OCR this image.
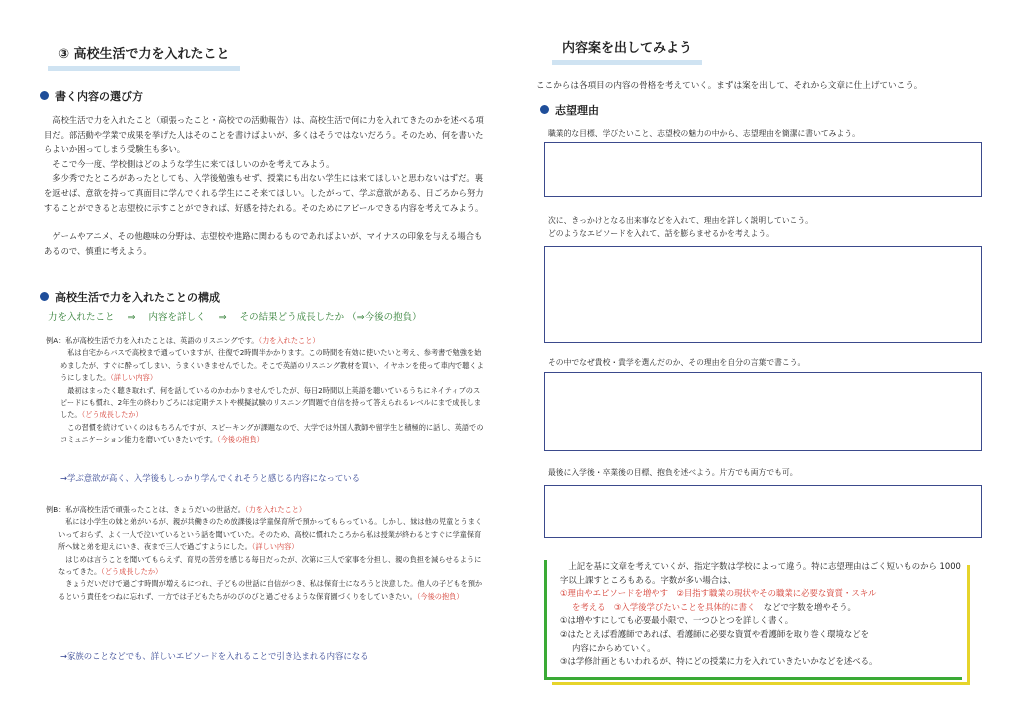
③ 高校生活で力を入れたこと
書く内容の選び方

高校生活で力を入れたこと（頑張ったこと・高校での活動報告）は、高校生活で何に力を入れてきたのかを述べる項目だ。部活動や学業で成果を挙げた人はそのことを書けばよいが、多くはそうではないだろう。そのため、何を書いたらよいか困ってしまう受験生も多い。

そこで今一度、学校側はどのような学生に来てほしいのかを考えてみよう。

多少秀でたところがあったとしても、入学後勉強もせず、授業にも出ない学生には来てほしいと思わないはずだ。裏を返せば、意欲を持って真面目に学んでくれる学生にこそ来てほしい。したがって、学ぶ意欲がある、日ごろから努力することができると志望校に示すことができれば、好感を持たれる。そのためにアピールできる内容を考えてみよう。

ゲームやアニメ、その他趣味の分野は、志望校や進路に関わるものであればよいが、マイナスの印象を与える場合もあるので、慎重に考えよう。

高校生活で力を入れたことの構成
力を入れたこと ⇒ 内容を詳しく ⇒ その結果どう成長したか （⇒今後の抱負）

例A：私が高校生活で力を入れたことは、英語のリスニングです。（力を入れたこと）

私は自宅からバスで高校まで通っていますが、往復で2時間半かかります。この時間を有効に使いたいと考え、参考書で勉強を始めましたが、すぐに酔ってしまい、うまくいきませんでした。そこで英語のリスニング教材を買い、イヤホンを使って車内で聴くようにしました。（詳しい内容）

最初はまったく聴き取れず、何を話しているのかわかりませんでしたが、毎日2時間以上英語を聴いているうちにネイティブのスピードにも慣れ、2年生の終わりごろには定期テストや模擬試験のリスニング問題で自信を持って答えられるレベルにまで成長しました。（どう成長したか）

この習慣を続けていくのはもちろんですが、スピーキングが課題なので、大学では外国人教師や留学生と積極的に話し、英語でのコミュニケーション能力を磨いていきたいです。（今後の抱負）

→学ぶ意欲が高く、入学後もしっかり学んでくれそうと感じる内容になっている

例B：私が高校生活で頑張ったことは、きょうだいの世話だ。（力を入れたこと）

私には小学生の妹と弟がいるが、親が共働きのため放課後は学童保育所で預かってもらっている。しかし、妹は他の児童とうまくいっておらず、よく一人で泣いているという話を聞いていた。そのため、高校に慣れたころから私は授業が終わるとすぐに学童保育所へ妹と弟を迎えにいき、夜まで三人で過ごすようにした。（詳しい内容）

はじめは言うことを聞いてもらえず、育児の苦労を感じる毎日だったが、次第に三人で家事を分担し、親の負担を減らせるようになってきた。（どう成長したか）

きょうだいだけで過ごす時間が増えるにつれ、子どもの世話に自信がつき、私は保育士になろうと決意した。他人の子どもを預かるという責任をつねに忘れず、一方では子どもたちがのびのびと過ごせるような保育園づくりをしていきたい。（今後の抱負）

→家族のことなどでも、詳しいエピソードを入れることで引き込まれる内容になる
内容案を出してみよう
ここからは各項目の内容の骨格を考えていく。まずは案を出して、それから文章に仕上げていこう。
志望理由
職業的な目標、学びたいこと、志望校の魅力の中から、志望理由を簡潔に書いてみよう。
次に、きっかけとなる出来事などを入れて、理由を詳しく説明していこう。
どのようなエピソードを入れて、話を膨らませるかを考えよう。
その中でなぜ貴校・貴学を選んだのか、その理由を自分の言葉で書こう。
最後に入学後・卒業後の目標、抱負を述べよう。片方でも両方でも可。

上記を基に文章を考えていくが、指定字数は学校によって違う。特に志望理由はごく短いものから 1000 字以上課すところもある。字数が多い場合は、

①理由やエピソードを増やす　②目指す職業の現状やその職業に必要な資質・スキル

を考える　③入学後学びたいことを具体的に書く　などで字数を増やそう。

①は増やすにしても必要最小限で、一つひとつを詳しく書く。

②はたとえば看護師であれば、看護師に必要な資質や看護師を取り巻く環境などを

内容にからめていく。

③は学修計画ともいわれるが、特にどの授業に力を入れていきたいかなどを述べる。
